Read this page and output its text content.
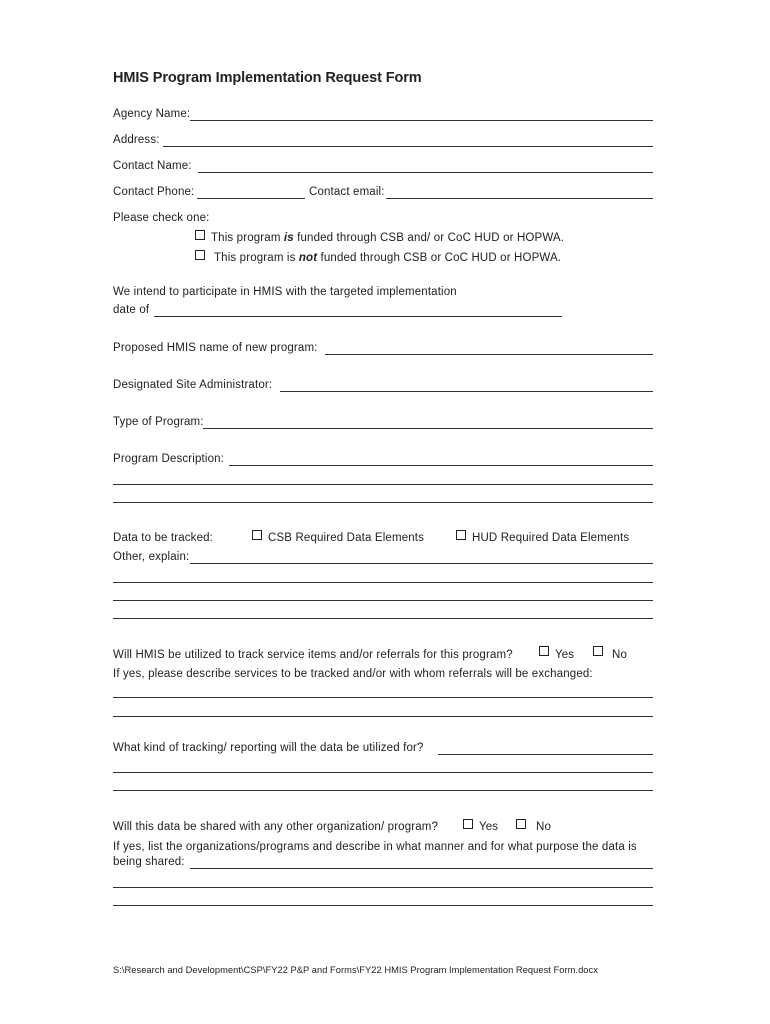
HMIS Program Implementation Request Form
Agency Name:
Address:
Contact Name:
Contact Phone:	Contact email:
Please check one:
This program is funded through CSB and/ or CoC HUD or HOPWA.
This program is not funded through CSB or CoC HUD or HOPWA.
We intend to participate in HMIS with the targeted implementation
date of
Proposed HMIS name of new program:
Designated Site Administrator:
Type of Program:
Program Description:
Data to be tracked:	CSB Required Data Elements	HUD Required Data Elements
Other, explain:
Will HMIS be utilized to track service items and/or referrals for this program?	Yes	No
If yes, please describe services to be tracked and/or with whom referrals will be exchanged:
What kind of tracking/ reporting will the data be utilized for?
Will this data be shared with any other organization/ program?	Yes	No
If yes, list the organizations/programs and describe in what manner and for what purpose the data is
being shared:
S:\Research and Development\CSP\FY22 P&P and Forms\FY22 HMIS Program Implementation Request Form.docx
